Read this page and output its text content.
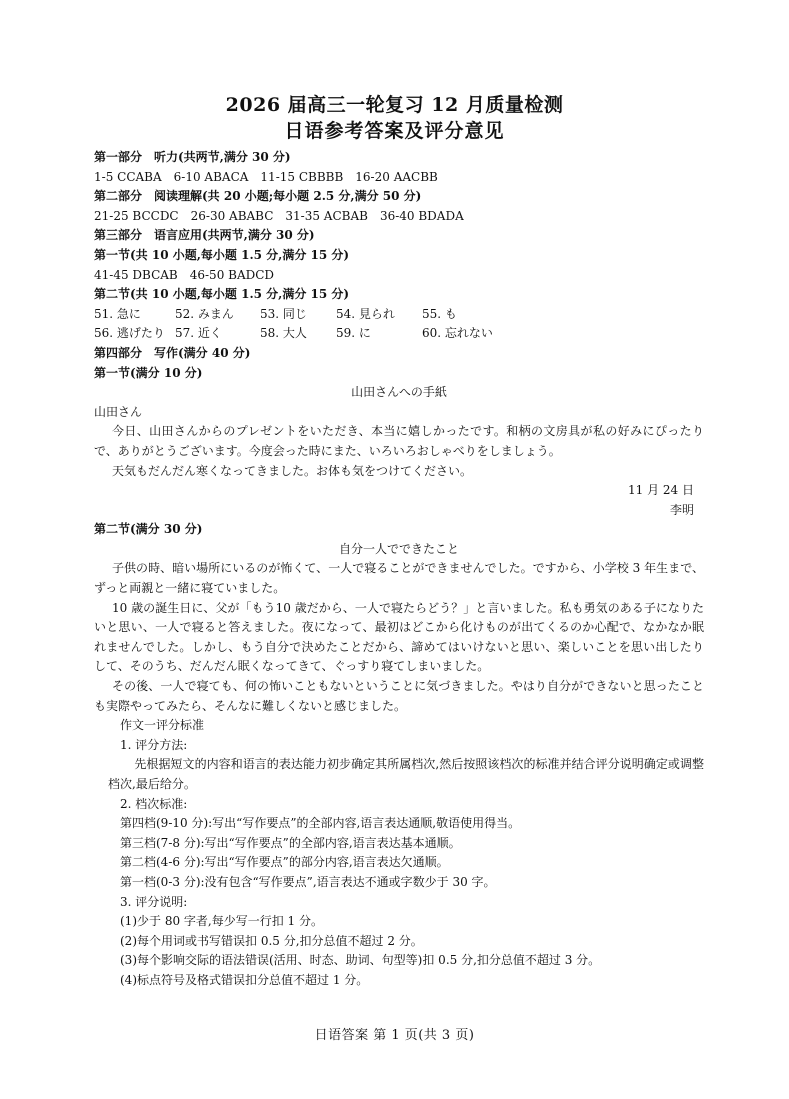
2026 届高三一轮复习 12 月质量检测
日语参考答案及评分意见
第一部分　听力(共两节,满分 30 分)
1-5 CCABA　6-10 ABACA　11-15 CBBBB　16-20 AACBB
第二部分　阅读理解(共 20 小题;每小题 2.5 分,满分 50 分)
21-25 BCCDC　26-30 ABABC　31-35 ACBAB　36-40 BDADA
第三部分　语言应用(共两节,满分 30 分)
第一节(共 10 小题,每小题 1.5 分,满分 15 分)
41-45 DBCAB　46-50 BADCD
第二节(共 10 小题,每小题 1.5 分,满分 15 分)
51. 急に	52. みまん	53. 同じ	54. 見られ	55. も
56. 逃げたり 57. 近く	58. 大人	59. に	60. 忘れない
第四部分　写作(满分 40 分)
第一节(满分 10 分)
山田さんへの手紙
山田さん
今日、山田さんからのプレゼントをいただき、本当に嬉しかったです。和柄の文房具が私の好みにぴったりで、ありがとうございます。今度会った時にまた、いろいろおしゃべりをしましょう。
天気もだんだん寒くなってきました。お体も気をつけてください。
11 月 24 日
李明
第二节(满分 30 分)
自分一人でできたこと
子供の時、暗い場所にいるのが怖くて、一人で寝ることができませんでした。ですから、小学校 3 年生まで、ずっと両親と一緒に寝ていました。
10 歳の誕生日に、父が「もう10 歳だから、一人で寝たらどう？」と言いました。私も勇気のある子になりたいと思い、一人で寝ると答えました。夜になって、最初はどこから化けものが出てくるのか心配で、なかなか眠れませんでした。しかし、もう自分で決めたことだから、諦めてはいけないと思い、楽しいことを思い出したりして、そのうち、だんだん眠くなってきて、ぐっすり寝てしまいました。
その後、一人で寝ても、何の怖いこともないということに気づきました。やはり自分ができないと思ったことも実際やってみたら、そんなに難しくないと感じました。
作文一评分标准
1. 评分方法:
先根据短文的内容和语言的表达能力初步确定其所属档次,然后按照该档次的标准并结合评分说明确定或调整档次,最后给分。
2. 档次标准:
第四档(9-10 分):写出“写作要点”的全部内容,语言表达通顺,敬语使用得当。
第三档(7-8 分):写出“写作要点”的全部内容,语言表达基本通顺。
第二档(4-6 分):写出“写作要点”的部分内容,语言表达欠通顺。
第一档(0-3 分):没有包含“写作要点”,语言表达不通或字数少于 30 字。
3. 评分说明:
(1)少于 80 字者,每少写一行扣 1 分。
(2)每个用词或书写错误扣 0.5 分,扣分总值不超过 2 分。
(3)每个影响交际的语法错误(活用、时态、助词、句型等)扣 0.5 分,扣分总值不超过 3 分。
(4)标点符号及格式错误扣分总值不超过 1 分。
日语答案 第 1 页(共 3 页)
